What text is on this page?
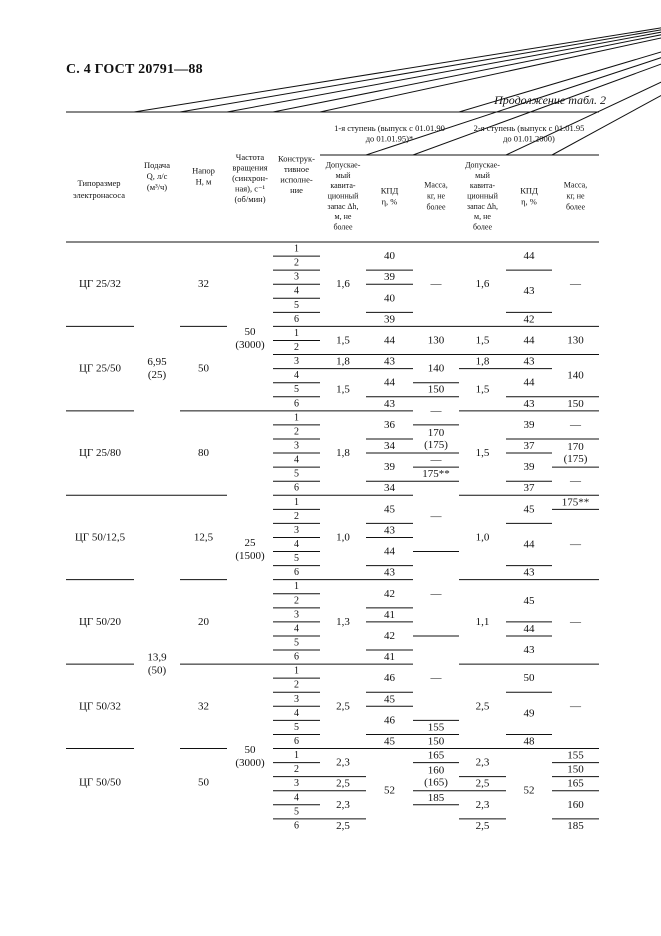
С. 4 ГОСТ 20791—88
Продолжение табл. 2
Типоразмер
электронасоса
Подача
Q, л/с
(м³/ч)
Напор
Н, м
Частота
вращения
(синхрон-
ная), с⁻¹
(об/мин)
Конструк-
тивное
исполне-
ние
1-я ступень (выпуск с 01.01.90
до 01.01.95)*
2-я ступень (выпуск с 01.01.95
до 01.01.2000)
Допускае-
мый
кавита-
ционный
запас Δh,
м, не
более
КПД
η, %
Масса,
кг, не
более
Допускае-
мый
кавита-
ционный
запас Δh,
м, не
более
КПД
η, %
Масса,
кг, не
более
1,6
1,5
1,8
1,5
1,8
1,0
1,3
2,5
2,3
2,5
2,3
2,5
40
39
40
39
44
43
44
43
36
34
39
34
45
43
44
43
42
41
42
41
46
45
46
45
52
—
130
140
150
—
170
(175)
—
175**
—
—
—
155
150
165
160
(165)
185
1,6
1,5
1,8
1,5
1,5
1,0
1,1
2,5
2,3
2,5
2,3
2,5
44
43
42
44
43
44
43
39
37
39
37
45
44
43
45
44
43
50
49
48
52
—
130
140
150
—
170
(175)
—
175**
—
—
—
155
150
165
160
185
ЦГ 25/32
ЦГ 25/50
ЦГ 25/80
ЦГ 50/12,5
ЦГ 50/20
ЦГ 50/32
ЦГ 50/50
6,95
(25)
13,9
(50)
32
50
80
12,5
20
32
50
50
(3000)
25
(1500)
50
(3000)
1
2
3
4
5
6
1
2
3
4
5
6
1
2
3
4
5
6
1
2
3
4
5
6
1
2
3
4
5
6
1
2
3
4
5
6
1
2
3
4
5
6
